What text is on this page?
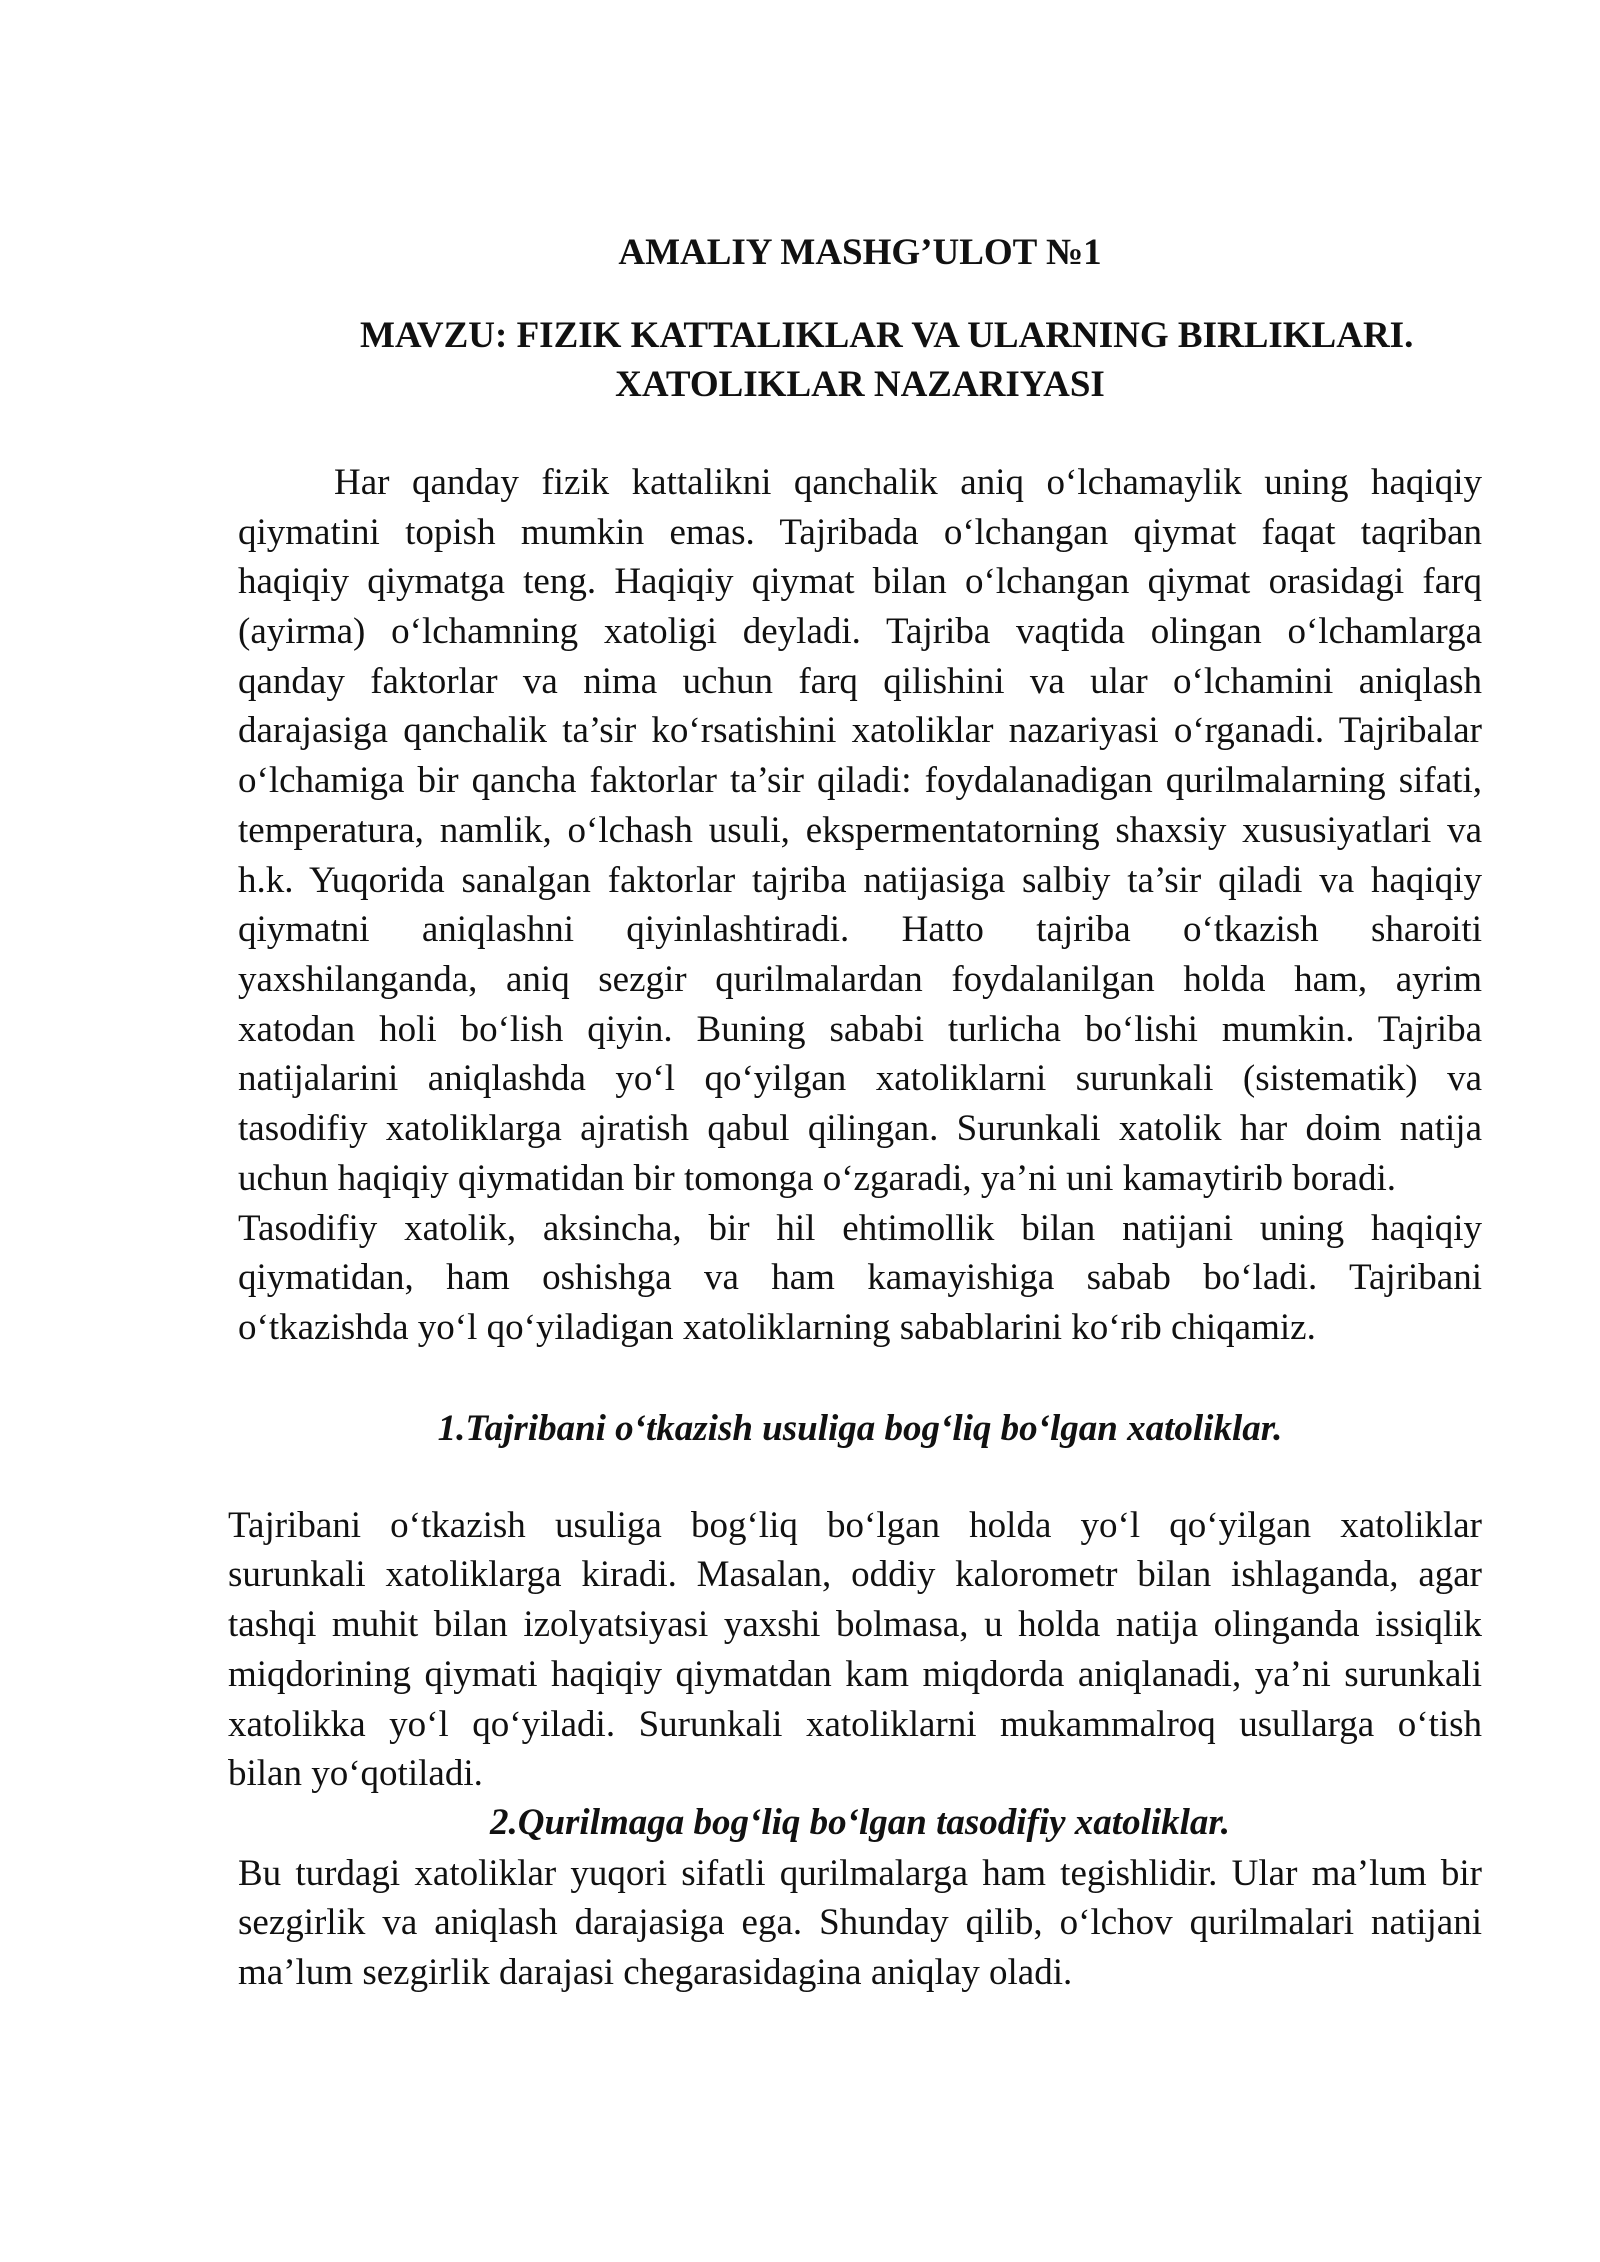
AMALIY MASHG’ULOT №1
MAVZU: FIZIK KATTALIKLAR VA ULARNING BIRLIKLARI.
XATOLIKLAR NAZARIYASI
Har qanday fizik kattalikni qanchalik aniq oʻlchamaylik uning haqiqiy
qiymatini topish mumkin emas. Tajribada oʻlchangan qiymat faqat taqriban
haqiqiy qiymatga teng. Haqiqiy qiymat bilan oʻlchangan qiymat orasidagi farq
(ayirma) oʻlchamning xatoligi deyladi. Tajriba vaqtida olingan oʻlchamlarga
qanday faktorlar va nima uchun farq qilishini va ular oʻlchamini aniqlash
darajasiga qanchalik ta’sir koʻrsatishini xatoliklar nazariyasi oʻrganadi. Tajribalar
oʻlchamiga bir qancha faktorlar ta’sir qiladi: foydalanadigan qurilmalarning sifati,
temperatura, namlik, oʻlchash usuli, ekspermentatorning shaxsiy xususiyatlari va
h.k. Yuqorida sanalgan faktorlar tajriba natijasiga salbiy ta’sir qiladi va haqiqiy
qiymatni aniqlashni qiyinlashtiradi. Hatto tajriba oʻtkazish sharoiti
yaxshilanganda, aniq sezgir qurilmalardan foydalanilgan holda ham, ayrim
xatodan holi boʻlish qiyin. Buning sababi turlicha boʻlishi mumkin. Tajriba
natijalarini aniqlashda yoʻl qoʻyilgan xatoliklarni surunkali (sistematik) va
tasodifiy xatoliklarga ajratish qabul qilingan. Surunkali xatolik har doim natija
uchun haqiqiy qiymatidan bir tomonga oʻzgaradi, ya’ni uni kamaytirib boradi.
Tasodifiy xatolik, aksincha, bir hil ehtimollik bilan natijani uning haqiqiy
qiymatidan, ham oshishga va ham kamayishiga sabab boʻladi. Tajribani
oʻtkazishda yoʻl qoʻyiladigan xatoliklarning sabablarini koʻrib chiqamiz.
1.Tajribani oʻtkazish usuliga bogʻliq boʻlgan xatoliklar.
Tajribani oʻtkazish usuliga bogʻliq boʻlgan holda yoʻl qoʻyilgan xatoliklar
surunkali xatoliklarga kiradi. Masalan, oddiy kalorometr bilan ishlaganda, agar
tashqi muhit bilan izolyatsiyasi yaxshi bolmasa, u holda natija olinganda issiqlik
miqdorining qiymati haqiqiy qiymatdan kam miqdorda aniqlanadi, ya’ni surunkali
xatolikka yoʻl qoʻyiladi. Surunkali xatoliklarni mukammalroq usullarga oʻtish
bilan yoʻqotiladi.
2.Qurilmaga bogʻliq boʻlgan tasodifiy xatoliklar.
Bu turdagi xatoliklar yuqori sifatli qurilmalarga ham tegishlidir. Ular ma’lum bir
sezgirlik va aniqlash darajasiga ega. Shunday qilib, oʻlchov qurilmalari natijani
ma’lum sezgirlik darajasi chegarasidagina aniqlay oladi.
